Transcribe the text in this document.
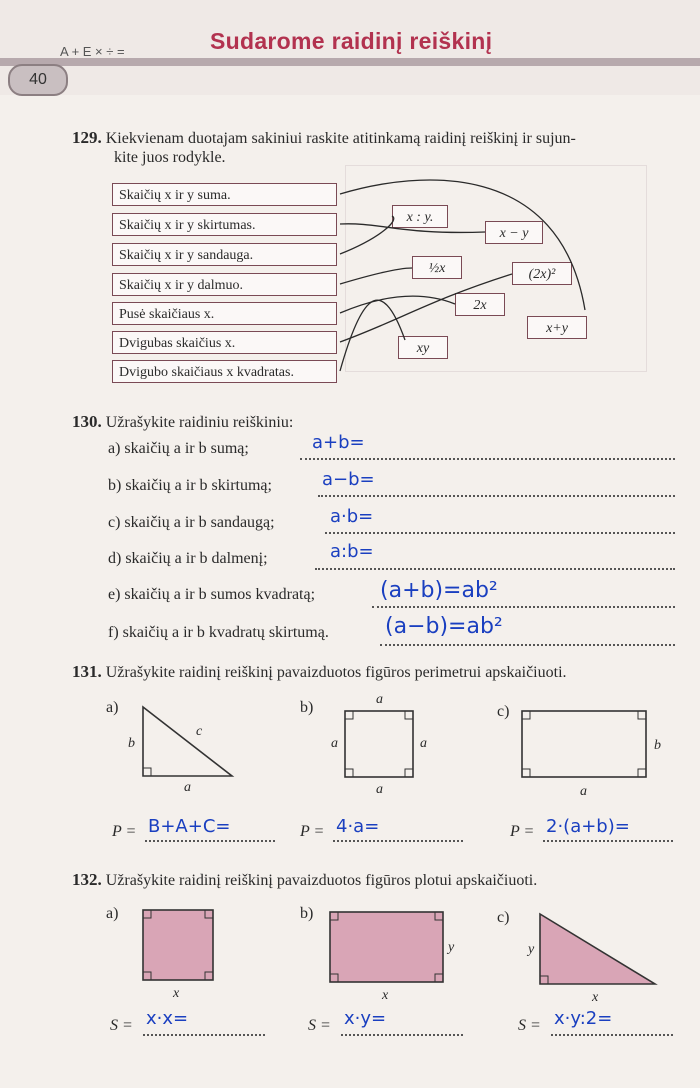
A + E × ÷ =	Sudarome raidinį reiškinį
40
129. Kiekvienam duotajam sakiniui raskite atitinkamą raidinį reiškinį ir sujun-
kite juos rodykle.
Skaičių x ir y suma.
Skaičių x ir y skirtumas.
Skaičių x ir y sandauga.
Skaičių x ir y dalmuo.
Pusė skaičiaus x.
Dvigubas skaičius x.
Dvigubo skaičiaus x kvadratas.
x : y.
x − y
½x	(2x)²
2x
x+y
xy
130. Užrašykite raidiniu reiškiniu:
a) skaičių a ir b sumą;	a+b=
b) skaičių a ir b skirtumą;	a−b=
c) skaičių a ir b sandaugą;	a·b=
d) skaičių a ir b dalmenį;	a:b=
e) skaičių a ir b sumos kvadratą;	(a+b)=ab²
f) skaičių a ir b kvadratų skirtumą.	(a−b)=ab²
131. Užrašykite raidinį reiškinį pavaizduotos figūros perimetrui apskaičiuoti.
a)	b)	c)
b
c
a
a
a	a
a
b
a
P = B+A+C=	P = 4·a=	P = 2·(a+b)=
132. Užrašykite raidinį reiškinį pavaizduotos figūros plotui apskaičiuoti.
a)	b)	c)
x
y
x
y
x
S = x·x=	S = x·y=	S = x·y:2=
